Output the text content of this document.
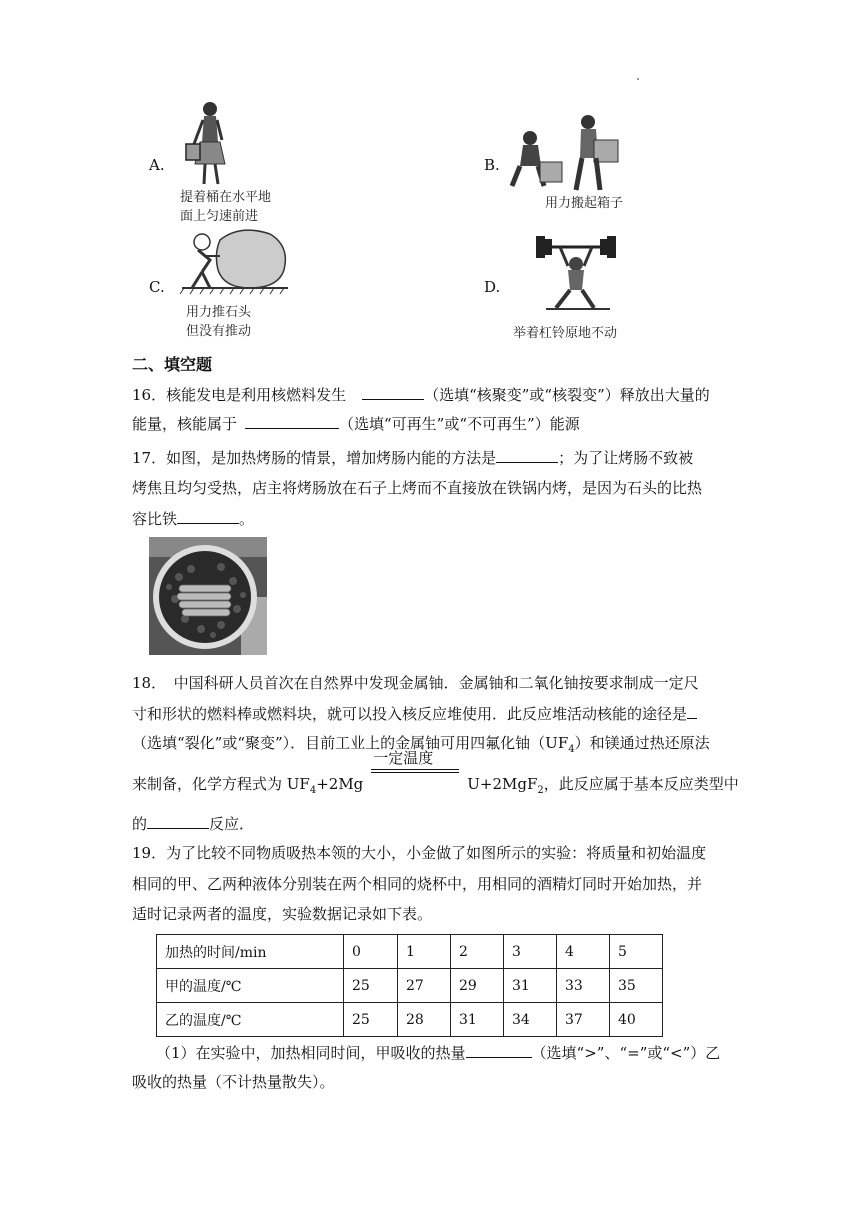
A.
提着桶在水平地
面上匀速前进
B.
用力搬起箱子
C.
用力推石头
但没有推动
D.
举着杠铃原地不动
二、填空题
16．核能发电是利用核燃料发生	（选填“核聚变”或“核裂变”）释放出大量的
能量，核能属于	（选填“可再生”或“不可再生”）能源
17．如图，是加热烤肠的情景，增加烤肠内能的方法是	；为了让烤肠不致被
烤焦且均匀受热，店主将烤肠放在石子上烤而不直接放在铁锅内烤，是因为石头的比热
容比铁	。
18．　中国科研人员首次在自然界中发现金属铀．金属铀和二氧化铀按要求制成一定尺
寸和形状的燃料棒或燃料块，就可以投入核反应堆使用．此反应堆活动核能的途径是
（选填“裂化”或“聚变”）．目前工业上的金属铀可用四氟化铀$(UF_4)$和镁通过热还原法
来制备，化学方程式为 $UF_4+2Mg$
一定温度
U+2MgF$_2$，此反应属于基本反应类型中
的	反应．
19．为了比较不同物质吸热本领的大小，小金做了如图所示的实验：将质量和初始温度
相同的甲、乙两种液体分别装在两个相同的烧杯中，用相同的酒精灯同时开始加热，并
适时记录两者的温度，实验数据记录如下表。
加热的时间/min	0	1	2	3	4	5
甲的温度/℃	25	27	29	31	33	35
乙的温度/℃	25	28	31	34	37	40
（1）在实验中，加热相同时间，甲吸收的热量	（选填“>”、“=”或“<”）乙
吸收的热量（不计热量散失）。
